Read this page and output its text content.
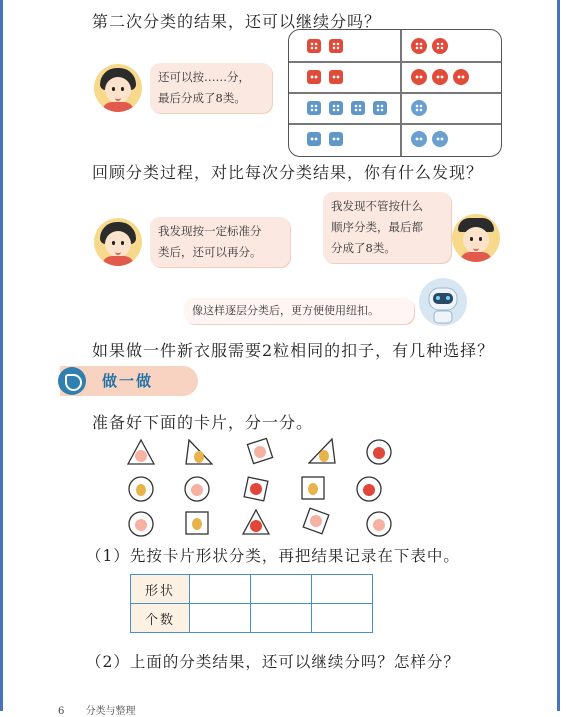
第二次分类的结果，还可以继续分吗？
还可以按……分，
最后分成了8类。
回顾分类过程，对比每次分类结果，你有什么发现？
我发现按一定标准分
类后，还可以再分。
我发现不管按什么
顺序分类，最后都
分成了8类。
像这样逐层分类后，更方便使用纽扣。
如果做一件新衣服需要2粒相同的扣子，有几种选择？
做一做
准备好下面的卡片，分一分。
（1）先按卡片形状分类，再把结果记录在下表中。
形状			
个数			
（2）上面的分类结果，还可以继续分吗？怎样分？
6 分类与整理
